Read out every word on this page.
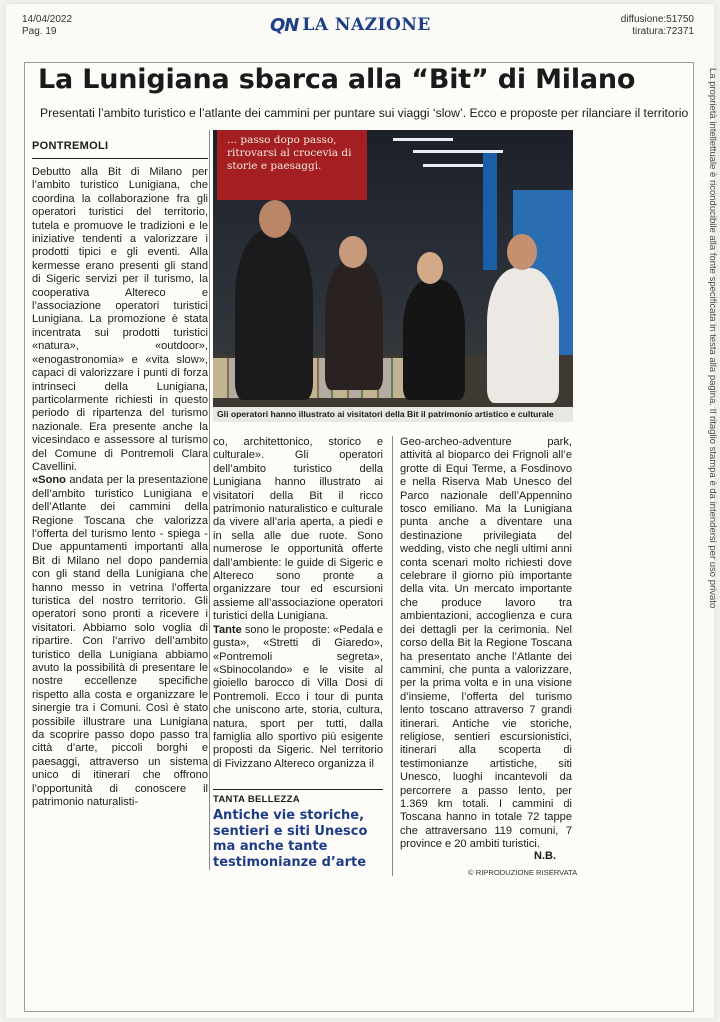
14/04/2022
Pag. 19	QN LA NAZIONE	diffusione:51750
tiratura:72371
La Lunigiana sbarca alla “Bit” di Milano
Presentati l’ambito turistico e l’atlante dei cammini per puntare sui viaggi ‘slow’. Ecco e proposte per rilanciare il territorio La proprietà intellettuale è riconducibile alla fonte specificata in testa alla pagina. Il ritaglio stampa è da intendersi per uso privato
PONTREMOLI

Debutto alla Bit di Milano per l’ambito turistico Lunigiana, che coordina la collaborazione fra gli operatori turistici del territorio, tutela e promuove le tradizioni e le iniziative tendenti a valorizzare i prodotti tipici e gli eventi. Alla kermesse erano presenti gli stand di Sigeric servizi per il turismo, la cooperativa Altereco e l’associazione operatori turistici Lunigiana. La promozione è stata incentrata sui prodotti turistici «natura», «outdoor», «enogastronomia» e «vita slow», capaci di valorizzare i punti di forza intrinseci della Lunigiana, particolarmente richiesti in questo periodo di ripartenza del turismo nazionale. Era presente anche la vicesindaco e assessore al turismo del Comune di Pontremoli Clara Cavellini.

«Sono andata per la presentazione dell’ambito turistico Lunigiana e dell’Atlante dei cammini della Regione Toscana che valorizza l’offerta del turismo lento - spiega - Due appuntamenti importanti alla Bit di Milano nel dopo pandemia con gli stand della Lunigiana che hanno messo in vetrina l’offerta turistica del nostro territorio. Gli operatori sono pronti a ricevere i visitatori. Abbiamo solo voglia di ripartire. Con l’arrivo dell’ambito turistico della Lunigiana abbiamo avuto la possibilità di presentare le nostre eccellenze specifiche rispetto alla costa e organizzare le sinergie tra i Comuni. Così è stato possibile illustrare una Lunigiana da scoprire passo dopo passo tra città d’arte, piccoli borghi e paesaggi, attraverso un sistema unico di itinerari che offrono l’opportunità di conoscere il patrimonio naturalisti-

... passo dopo passo, ritrovarsi al crocevia di storie e paesaggi.
Gli operatori hanno illustrato ai visitatori della Bit il patrimonio artistico e culturale

co, architettonico, storico e culturale». Gli operatori dell’ambito turistico della Lunigiana hanno illustrato ai visitatori della Bit il ricco patrimonio naturalistico e culturale da vivere all’aria aperta, a piedi e in sella alle due ruote. Sono numerose le opportunità offerte dall’ambiente: le guide di Sigeric e Altereco sono pronte a organizzare tour ed escursioni assieme all’associazione operatori turistici della Lunigiana.

Tante sono le proposte: «Pedala e gusta», «Stretti di Giaredo», «Pontremoli segreta», «Sbinocolando» e le visite al gioiello barocco di Villa Dosi di Pontremoli. Ecco i tour di punta che uniscono arte, storia, cultura, natura, sport per tutti, dalla famiglia allo sportivo più esigente proposti da Sigeric. Nel territorio di Fivizzano Altereco organizza il

TANTA BELLEZZA
Antiche vie storiche, sentieri e siti Unesco ma anche tante testimonianze d’arte

Geo-archeo-adventure park, attività al bioparco dei Frignoli all’e grotte di Equi Terme, a Fosdinovo e nella Riserva Mab Unesco del Parco nazionale dell’Appennino tosco emiliano. Ma la Lunigiana punta anche a diventare una destinazione privilegiata del wedding, visto che negli ultimi anni conta scenari molto richiesti dove celebrare il giorno più importante della vita. Un mercato importante che produce lavoro tra ambientazioni, accoglienza e cura dei dettagli per la cerimonia. Nel corso della Bit la Regione Toscana ha presentato anche l’Atlante dei cammini, che punta a valorizzare, per la prima volta e in una visione d’insieme, l’offerta del turismo lento toscano attraverso 7 grandi itinerari. Antiche vie storiche, religiose, sentieri escursionistici, itinerari alla scoperta di testimonianze artistiche, siti Unesco, luoghi incantevoli da percorrere a passo lento, per 1.369 km totali. I cammini di Toscana hanno in totale 72 tappe che attraversano 119 comuni, 7 province e 20 ambiti turistici.

N.B.
© RIPRODUZIONE RISERVATA
